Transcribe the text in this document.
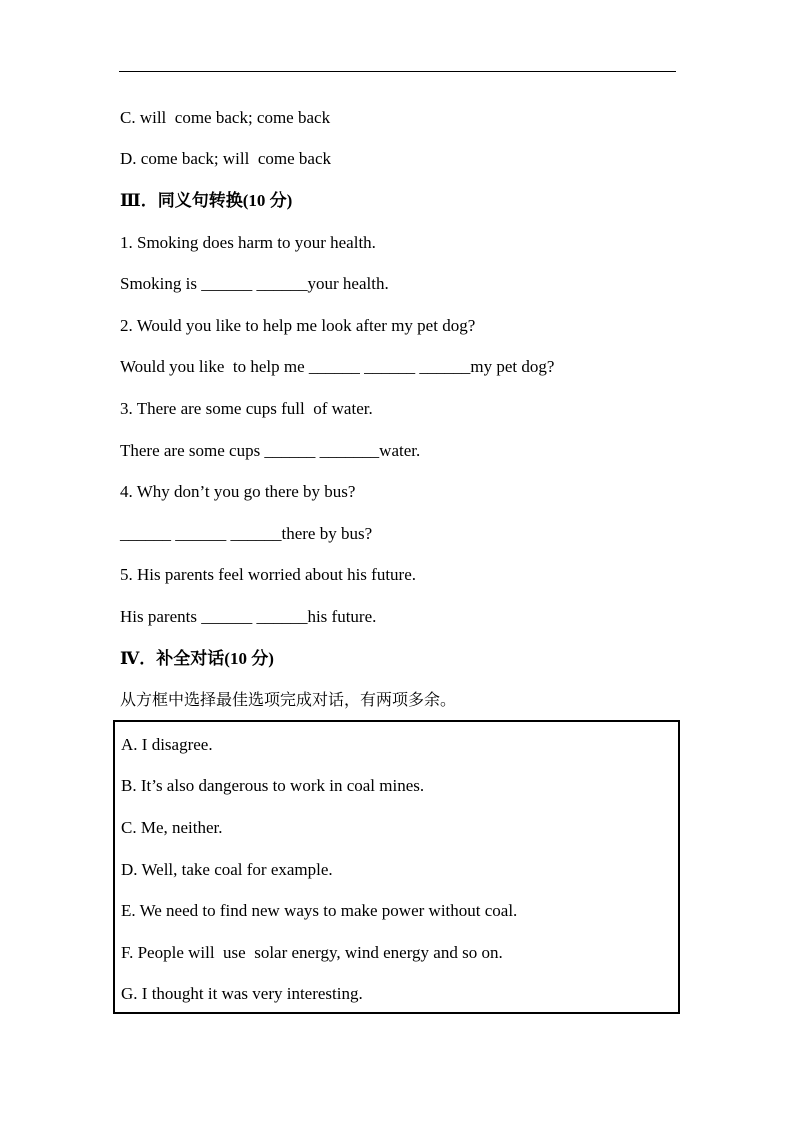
C. will  come back; come back
D. come back; will  come back
Ⅲ．同义句转换(10 分)
1. Smoking does harm to your health.
Smoking is ______ ______your health.
2. Would you like to help me look after my pet dog?
Would you like  to help me ______ ______ ______my pet dog?
3. There are some cups full  of water.
There are some cups ______ _______water.
4. Why don’t you go there by bus?
______ ______ ______there by bus?
5. His parents feel worried about his future.
His parents ______ ______his future.
Ⅳ．补全对话(10 分)
从方框中选择最佳选项完成对话，有两项多余。
A. I disagree.
B. It’s also dangerous to work in coal mines.
C. Me, neither.
D. Well, take coal for example.
E. We need to find new ways to make power without coal.
F. People will  use  solar energy, wind energy and so on.
G. I thought it was very interesting.
